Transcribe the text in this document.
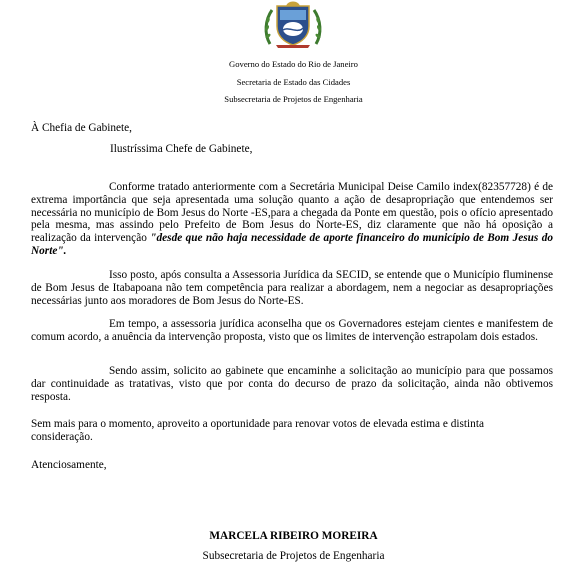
Governo do Estado do Rio de Janeiro
Secretaria de Estado das Cidades
Subsecretaria de Projetos de Engenharia
À Chefia de Gabinete,
Ilustríssima Chefe de Gabinete,

Conforme tratado anteriormente com a Secretária Municipal Deise Camilo index(82357728) é de extrema importância que seja apresentada uma solução quanto a ação de desapropriação que entendemos ser necessária no município de Bom Jesus do Norte -ES,para a chegada da Ponte em questão, pois o ofício apresentado pela mesma, mas assindo pelo Prefeito de Bom Jesus do Norte-ES, diz claramente que não há oposição a realização da intervenção "desde que não haja necessidade de aporte financeiro do município de Bom Jesus do Norte".

Isso posto, após consulta a Assessoria Jurídica da SECID, se entende que o Município fluminense de Bom Jesus de Itabapoana não tem competência para realizar a abordagem, nem a negociar as desapropriações necessárias junto aos moradores de Bom Jesus do Norte-ES.

Em tempo, a assessoria jurídica aconselha que os Governadores estejam cientes e manifestem de comum acordo, a anuência da intervenção proposta, visto que os limites de intervenção estrapolam dois estados.

Sendo assim, solicito ao gabinete que encaminhe a solicitação ao município para que possamos dar continuidade as tratativas, visto que por conta do decurso de prazo da solicitação, ainda não obtivemos resposta.

Sem mais para o momento, aproveito a oportunidade para renovar votos de elevada estima e distinta consideração.

Atenciosamente,
MARCELA RIBEIRO MOREIRA
Subsecretaria de Projetos de Engenharia
